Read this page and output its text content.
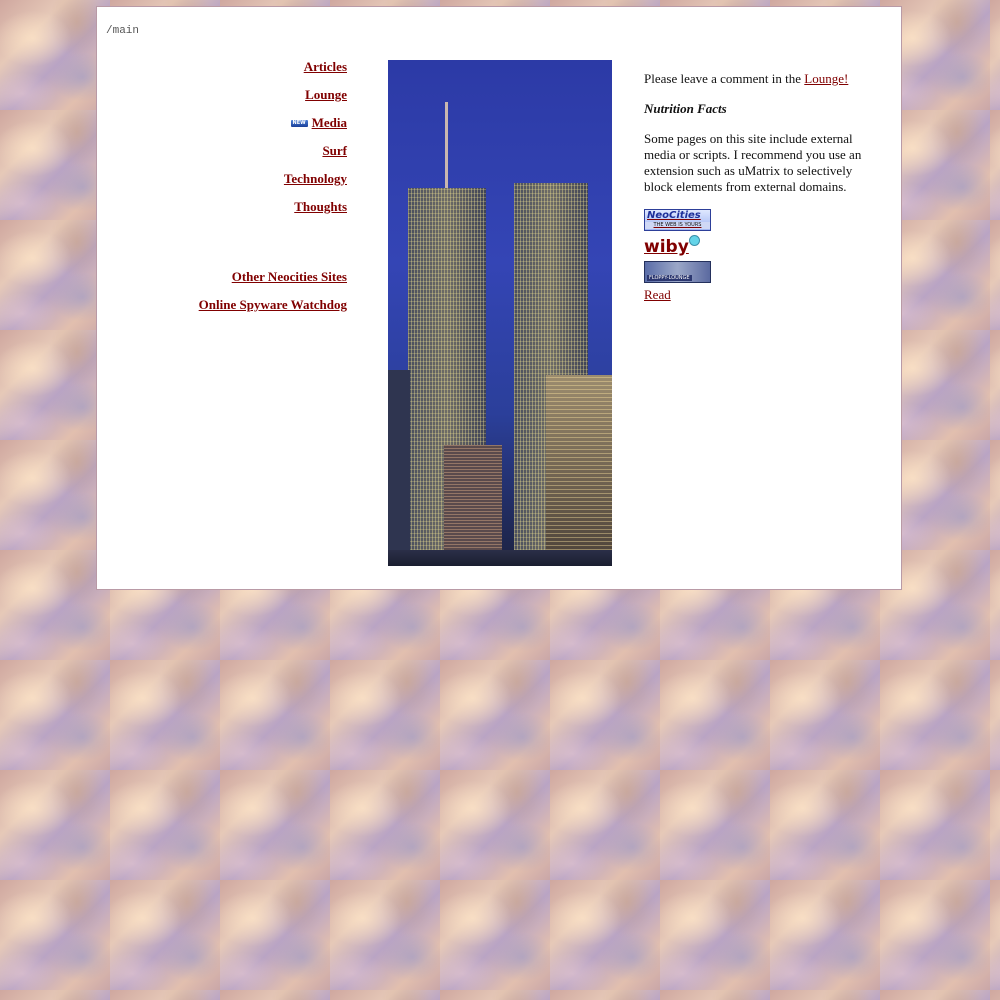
/main
Articles
Lounge
NEW Media
Surf
Technology
Thoughts
Other Neocities Sites
Online Spyware Watchdog

Please leave a comment in the Lounge!

Nutrition Facts

Some pages on this site include external media or scripts. I recommend you use an extension such as uMatrix to selectively block elements from external domains.

NeoCities
THE WEB IS YOURS
wiby
FLOPPY-LOUNGE
Read
